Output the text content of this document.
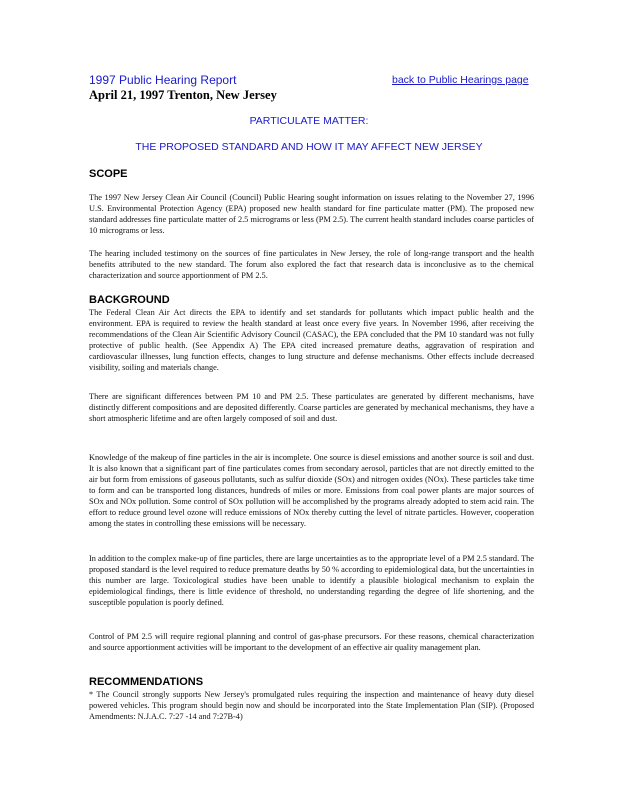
1997 Public Hearing Report
April 21, 1997 Trenton, New Jersey
back to Public Hearings page
PARTICULATE MATTER:
THE PROPOSED STANDARD AND HOW IT MAY AFFECT NEW JERSEY
SCOPE

The 1997 New Jersey Clean Air Council (Council) Public Hearing sought information on issues relating to the November 27, 1996 U.S. Environmental Protection Agency (EPA) proposed new health standard for fine particulate matter (PM). The proposed new standard addresses fine particulate matter of 2.5 micrograms or less (PM 2.5). The current health standard includes coarse particles of 10 micrograms or less.

The hearing included testimony on the sources of fine particulates in New Jersey, the role of long-range transport and the health benefits attributed to the new standard. The forum also explored the fact that research data is inconclusive as to the chemical characterization and source apportionment of PM 2.5.

BACKGROUND

The Federal Clean Air Act directs the EPA to identify and set standards for pollutants which impact public health and the environment. EPA is required to review the health standard at least once every five years. In November 1996, after receiving the recommendations of the Clean Air Scientific Advisory Council (CASAC), the EPA concluded that the PM 10 standard was not fully protective of public health. (See Appendix A) The EPA cited increased premature deaths, aggravation of respiration and cardiovascular illnesses, lung function effects, changes to lung structure and defense mechanisms. Other effects include decreased visibility, soiling and materials change.

There are significant differences between PM 10 and PM 2.5. These particulates are generated by different mechanisms, have distinctly different compositions and are deposited differently. Coarse particles are generated by mechanical mechanisms, they have a short atmospheric lifetime and are often largely composed of soil and dust.

Knowledge of the makeup of fine particles in the air is incomplete. One source is diesel emissions and another source is soil and dust. It is also known that a significant part of fine particulates comes from secondary aerosol, particles that are not directly emitted to the air but form from emissions of gaseous pollutants, such as sulfur dioxide (SOx) and nitrogen oxides (NOx). These particles take time to form and can be transported long distances, hundreds of miles or more. Emissions from coal power plants are major sources of SOx and NOx pollution. Some control of SOx pollution will be accomplished by the programs already adopted to stem acid rain. The effort to reduce ground level ozone will reduce emissions of NOx thereby cutting the level of nitrate particles. However, cooperation among the states in controlling these emissions will be necessary.

In addition to the complex make-up of fine particles, there are large uncertainties as to the appropriate level of a PM 2.5 standard. The proposed standard is the level required to reduce premature deaths by 50 % according to epidemiological data, but the uncertainties in this number are large. Toxicological studies have been unable to identify a plausible biological mechanism to explain the epidemiological findings, there is little evidence of threshold, no understanding regarding the degree of life shortening, and the susceptible population is poorly defined.

Control of PM 2.5 will require regional planning and control of gas-phase precursors. For these reasons, chemical characterization and source apportionment activities will be important to the development of an effective air quality management plan.

RECOMMENDATIONS

* The Council strongly supports New Jersey's promulgated rules requiring the inspection and maintenance of heavy duty diesel powered vehicles. This program should begin now and should be incorporated into the State Implementation Plan (SIP). (Proposed Amendments: N.J.A.C. 7:27 -14 and 7:27B-4)
